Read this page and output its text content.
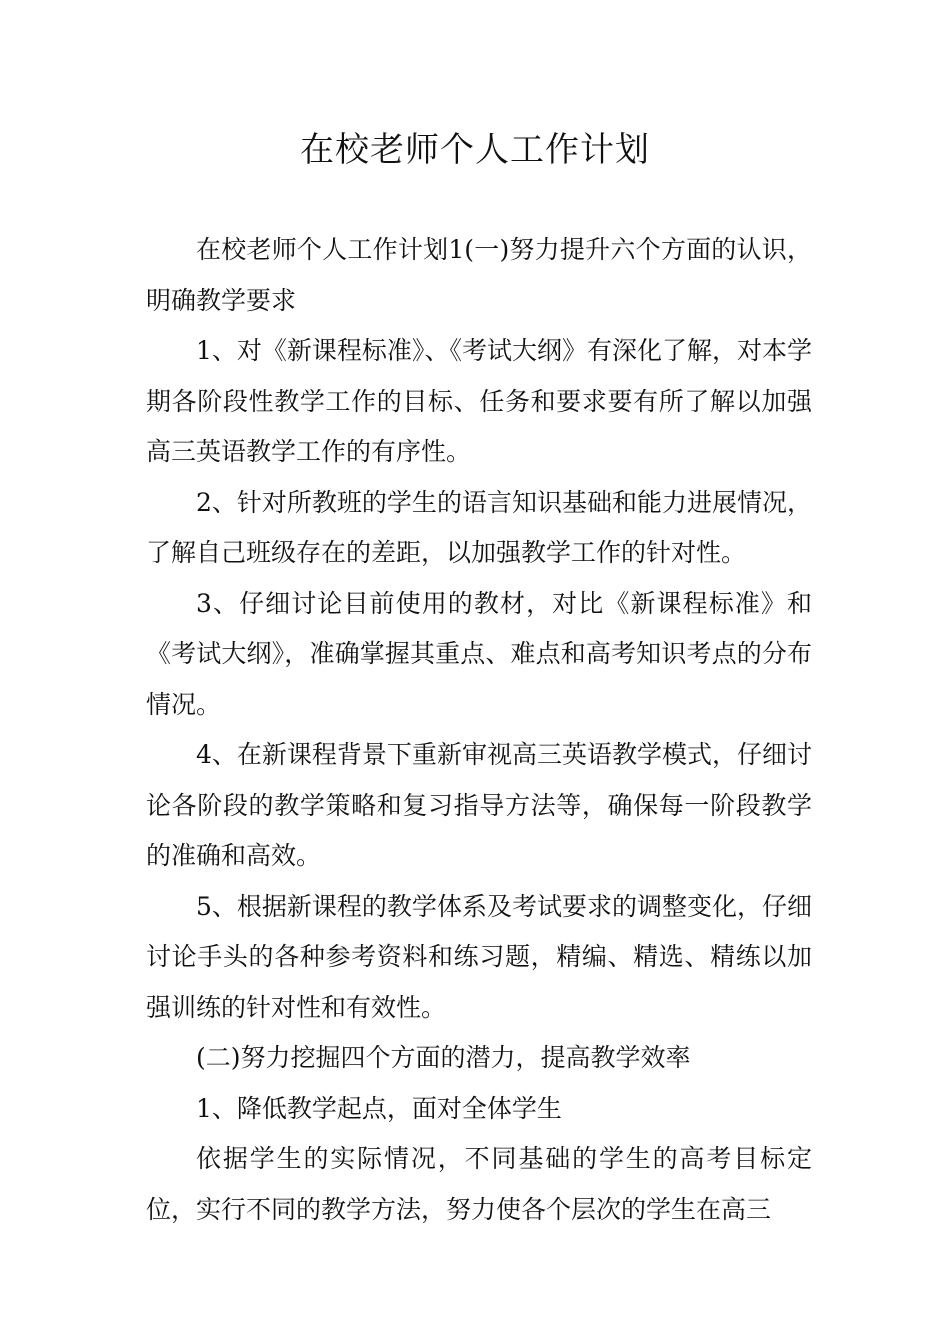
在校老师个人工作计划

在校老师个人工作计划1(一)努力提升六个方面的认识，明确教学要求

1、对《新课程标准》、《考试大纲》有深化了解，对本学期各阶段性教学工作的目标、任务和要求要有所了解以加强高三英语教学工作的有序性。

2、针对所教班的学生的语言知识基础和能力进展情况，了解自己班级存在的差距，以加强教学工作的针对性。

3、仔细讨论目前使用的教材，对比《新课程标准》和《考试大纲》，准确掌握其重点、难点和高考知识考点的分布情况。

4、在新课程背景下重新审视高三英语教学模式，仔细讨论各阶段的教学策略和复习指导方法等，确保每一阶段教学的准确和高效。

5、根据新课程的教学体系及考试要求的调整变化，仔细讨论手头的各种参考资料和练习题，精编、精选、精练以加强训练的针对性和有效性。

(二)努力挖掘四个方面的潜力，提高教学效率

1、降低教学起点，面对全体学生

依据学生的实际情况，不同基础的学生的高考目标定位，实行不同的教学方法，努力使各个层次的学生在高三
